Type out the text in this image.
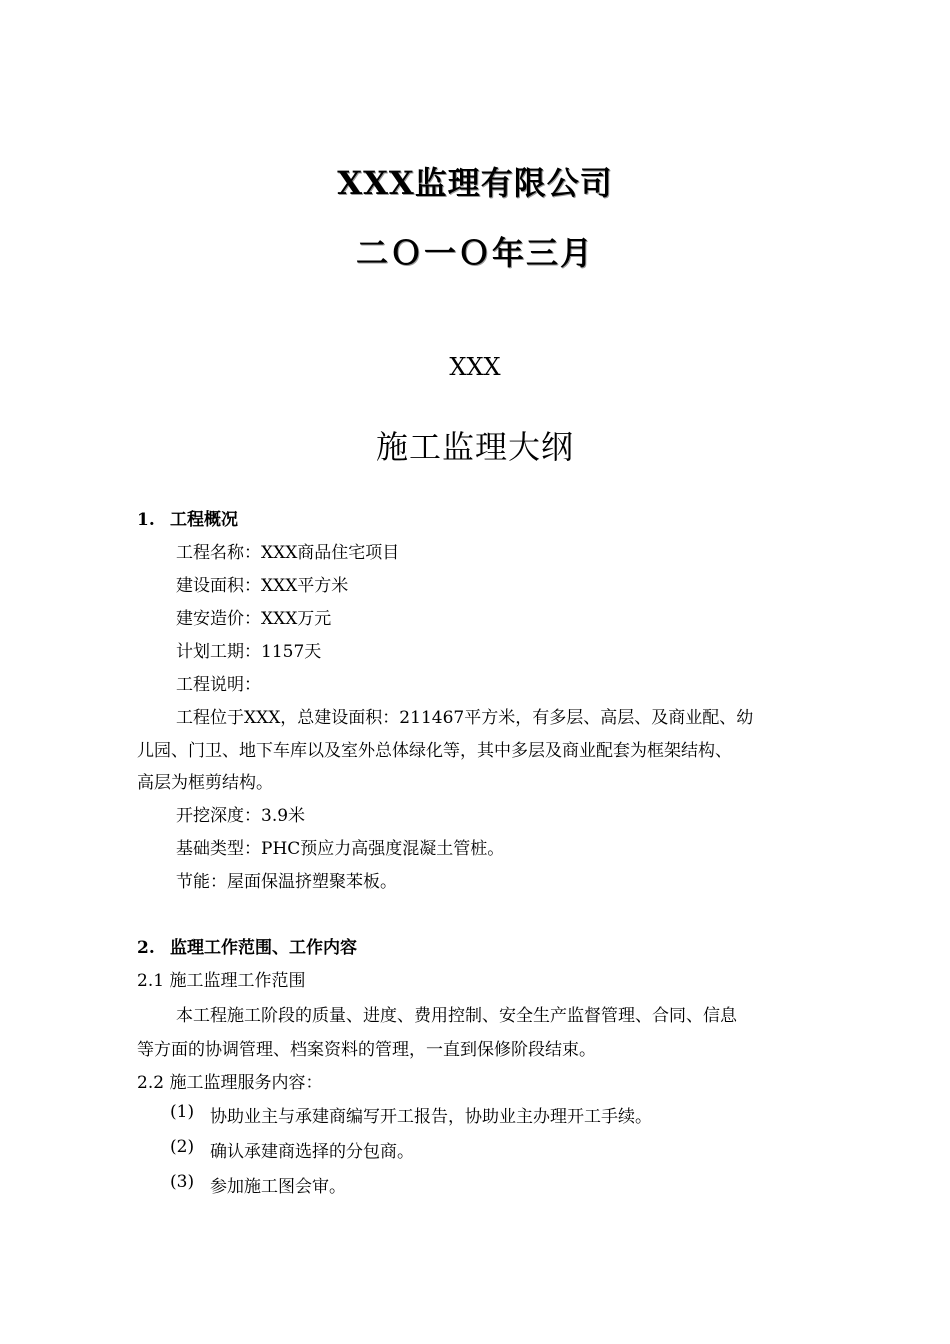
XXX监理有限公司
二Ｏ一Ｏ年三月
XXX
施工监理大纲
1. 工程概况
工程名称：XXX商品住宅项目
建设面积：XXX平方米
建安造价：XXX万元
计划工期：1157天
工程说明：
工程位于XXX，总建设面积：211467平方米，有多层、高层、及商业配、幼
儿园、门卫、地下车库以及室外总体绿化等，其中多层及商业配套为框架结构、
高层为框剪结构。
开挖深度：3.9米
基础类型：PHC预应力高强度混凝土管桩。
节能：屋面保温挤塑聚苯板。
2. 监理工作范围、工作内容
2.1 施工监理工作范围
本工程施工阶段的质量、进度、费用控制、安全生产监督管理、合同、信息
等方面的协调管理、档案资料的管理，一直到保修阶段结束。
2.2 施工监理服务内容：
(1) 协助业主与承建商编写开工报告，协助业主办理开工手续。
(2) 确认承建商选择的分包商。
(3) 参加施工图会审。
